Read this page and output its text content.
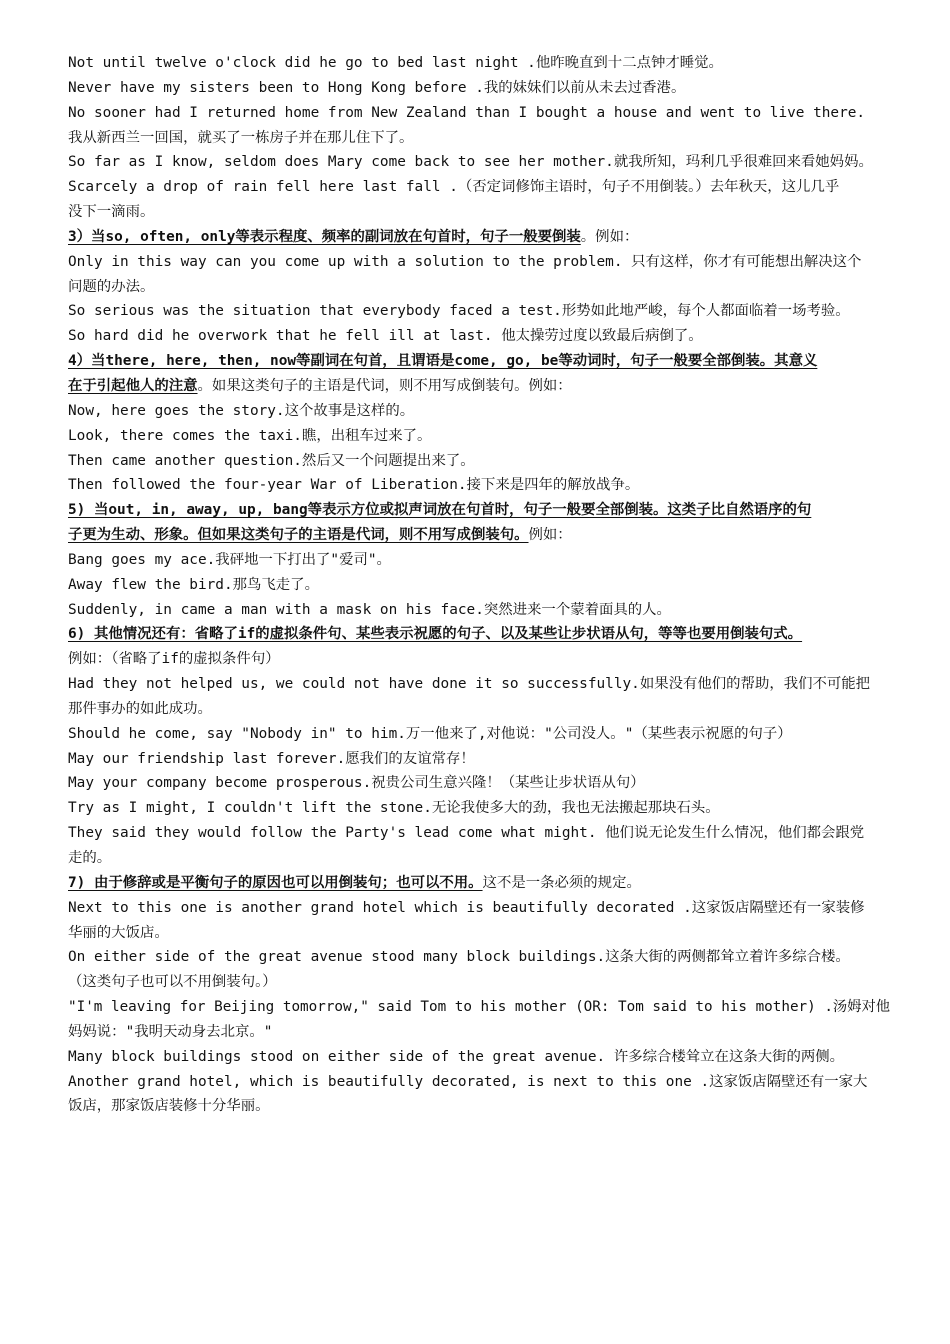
Not until twelve o'clock did he go to bed last night .他昨晚直到十二点钟才睡觉。
Never have my sisters been to Hong Kong before .我的妹妹们以前从未去过香港。
No sooner had I returned home from New Zealand than I bought a house and went to live there.
我从新西兰一回国，就买了一栋房子并在那儿住下了。
So far as I know, seldom does Mary come back to see her mother.就我所知，玛利几乎很难回来看她妈妈。
Scarcely a drop of rain fell here last fall .（否定词修饰主语时，句子不用倒装。）去年秋天，这儿几乎
没下一滴雨。
3）当so, often, only等表示程度、频率的副词放在句首时，句子一般要倒装。例如：
Only in this way can you come up with a solution to the problem. 只有这样，你才有可能想出解决这个
问题的办法。
So serious was the situation that everybody faced a test.形势如此地严峻，每个人都面临着一场考验。
So hard did he overwork that he fell ill at last. 他太操劳过度以致最后病倒了。
4）当there, here, then, now等副词在句首，且谓语是come, go, be等动词时，句子一般要全部倒装。其意义
在于引起他人的注意。如果这类句子的主语是代词，则不用写成倒装句。例如：
Now, here goes the story.这个故事是这样的。
Look, there comes the taxi.瞧，出租车过来了。
Then came another question.然后又一个问题提出来了。
Then followed the four-year War of Liberation.接下来是四年的解放战争。
5) 当out, in, away, up, bang等表示方位或拟声词放在句首时，句子一般要全部倒装。这类子比自然语序的句
子更为生动、形象。但如果这类句子的主语是代词，则不用写成倒装句。例如：
Bang goes my ace.我砰地一下打出了"爱司"。
Away flew the bird.那鸟飞走了。
Suddenly, in came a man with a mask on his face.突然进来一个蒙着面具的人。
6) 其他情况还有：省略了if的虚拟条件句、某些表示祝愿的句子、以及某些让步状语从句，等等也要用倒装句式。
例如：（省略了if的虚拟条件句）
Had they not helped us, we could not have done it so successfully.如果没有他们的帮助，我们不可能把
那件事办的如此成功。
Should he come, say "Nobody in" to him.万一他来了,对他说："公司没人。"（某些表示祝愿的句子）
May our friendship last forever.愿我们的友谊常存！
May your company become prosperous.祝贵公司生意兴隆！（某些让步状语从句）
Try as I might, I couldn't lift the stone.无论我使多大的劲，我也无法搬起那块石头。
They said they would follow the Party's lead come what might. 他们说无论发生什么情况，他们都会跟党
走的。
7) 由于修辞或是平衡句子的原因也可以用倒装句；也可以不用。这不是一条必须的规定。
Next to this one is another grand hotel which is beautifully decorated .这家饭店隔壁还有一家装修
华丽的大饭店。
On either side of the great avenue stood many block buildings.这条大街的两侧都耸立着许多综合楼。
（这类句子也可以不用倒装句。）
"I'm leaving for Beijing tomorrow," said Tom to his mother (OR: Tom said to his mother) .汤姆对他
妈妈说："我明天动身去北京。"
Many block buildings stood on either side of the great avenue. 许多综合楼耸立在这条大街的两侧。
Another grand hotel, which is beautifully decorated, is next to this one .这家饭店隔壁还有一家大
饭店，那家饭店装修十分华丽。
